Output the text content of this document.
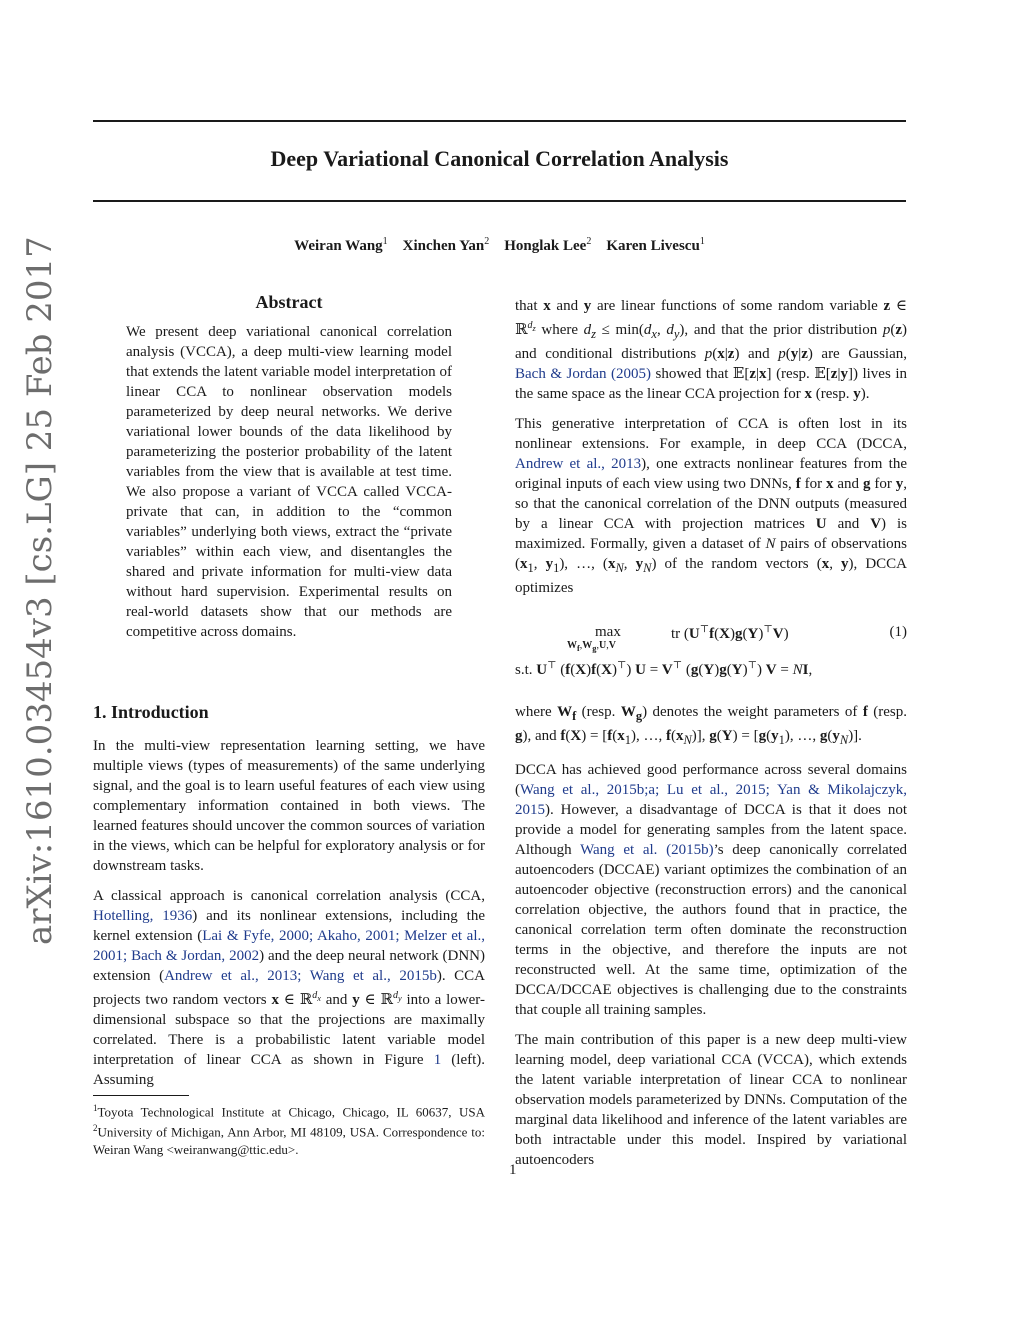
Deep Variational Canonical Correlation Analysis
Weiran Wang$^1$ Xinchen Yan$^2$ Honglak Lee$^2$ Karen Livescu$^1$
arXiv:1610.03454v3 [cs.LG] 25 Feb 2017	Abstract
We present deep variational canonical correlation analysis (VCCA), a deep multi-view learning model that extends the latent variable model interpretation of linear CCA to nonlinear observation models parameterized by deep neural networks. We derive variational lower bounds of the data likelihood by parameterizing the posterior probability of the latent variables from the view that is available at test time. We also propose a variant of VCCA called VCCA-private that can, in addition to the “common variables” underlying both views, extract the “private variables” within each view, and disentangles the shared and private information for multi-view data without hard supervision. Experimental results on real-world datasets show that our methods are competitive across domains.
1. Introduction

In the multi-view representation learning setting, we have multiple views (types of measurements) of the same underlying signal, and the goal is to learn useful features of each view using complementary information contained in both views. The learned features should uncover the common sources of variation in the views, which can be helpful for exploratory analysis or for downstream tasks.

A classical approach is canonical correlation analysis (CCA, Hotelling, 1936) and its nonlinear extensions, including the kernel extension (Lai & Fyfe, 2000; Akaho, 2001; Melzer et al., 2001; Bach & Jordan, 2002) and the deep neural network (DNN) extension (Andrew et al., 2013; Wang et al., 2015b). CCA projects two random vectors x ∈ ℝ$^{d_x}$ and y ∈ ℝ$^{d_y}$ into a lower-dimensional subspace so that the projections are maximally correlated. There is a probabilistic latent variable model interpretation of linear CCA as shown in Figure 1 (left). Assuming

$^1$Toyota Technological Institute at Chicago, Chicago, IL 60637, USA $^2$University of Michigan, Ann Arbor, MI 48109, USA. Correspondence to: Weiran Wang <weiranwang@ttic.edu>.

that x and y are linear functions of some random variable z ∈ ℝ$^{d_z}$ where $d_z \le \min(d_x$, $d_y$), and that the prior distribution p(z) and conditional distributions p(x|z) and p(y|z) are Gaussian, Bach & Jordan (2005) showed that 𝔼[z|x] (resp. 𝔼[z|y]) lives in the same space as the linear CCA projection for x (resp. y).

This generative interpretation of CCA is often lost in its nonlinear extensions. For example, in deep CCA (DCCA, Andrew et al., 2013), one extracts nonlinear features from the original inputs of each view using two DNNs, f for x and g for y, so that the canonical correlation of the DNN outputs (measured by a linear CCA with projection matrices U and V) is maximized. Formally, given a dataset of N pairs of observations ($x_1$, $y_1$), …, ($x_N$, $y_N$) of the random vectors (x, y), DCCA optimizes

max
$W_f,W_g,U,V$
tr (U⊤f(X)g(Y)⊤V)	(1)
s.t. U⊤ (f(X)f(X)⊤) U = V⊤ (g(Y)g(Y)⊤) V = NI,

where $W_f$ (resp. $W_g$) denotes the weight parameters of f (resp. g), and $f(X) = [f(x_1)$, …, $f(x_N)$], $g(Y) = [g(y_1)$, …, $g(y_N)$].

DCCA has achieved good performance across several domains (Wang et al., 2015b;a; Lu et al., 2015; Yan & Mikolajczyk, 2015). However, a disadvantage of DCCA is that it does not provide a model for generating samples from the latent space. Although Wang et al. (2015b)’s deep canonically correlated autoencoders (DCCAE) variant optimizes the combination of an autoencoder objective (reconstruction errors) and the canonical correlation objective, the authors found that in practice, the canonical correlation term often dominate the reconstruction terms in the objective, and therefore the inputs are not reconstructed well. At the same time, optimization of the DCCA/DCCAE objectives is challenging due to the constraints that couple all training samples.

The main contribution of this paper is a new deep multi-view learning model, deep variational CCA (VCCA), which extends the latent variable interpretation of linear CCA to nonlinear observation models parameterized by DNNs. Computation of the marginal data likelihood and inference of the latent variables are both intractable under this model. Inspired by variational autoencoders

1
